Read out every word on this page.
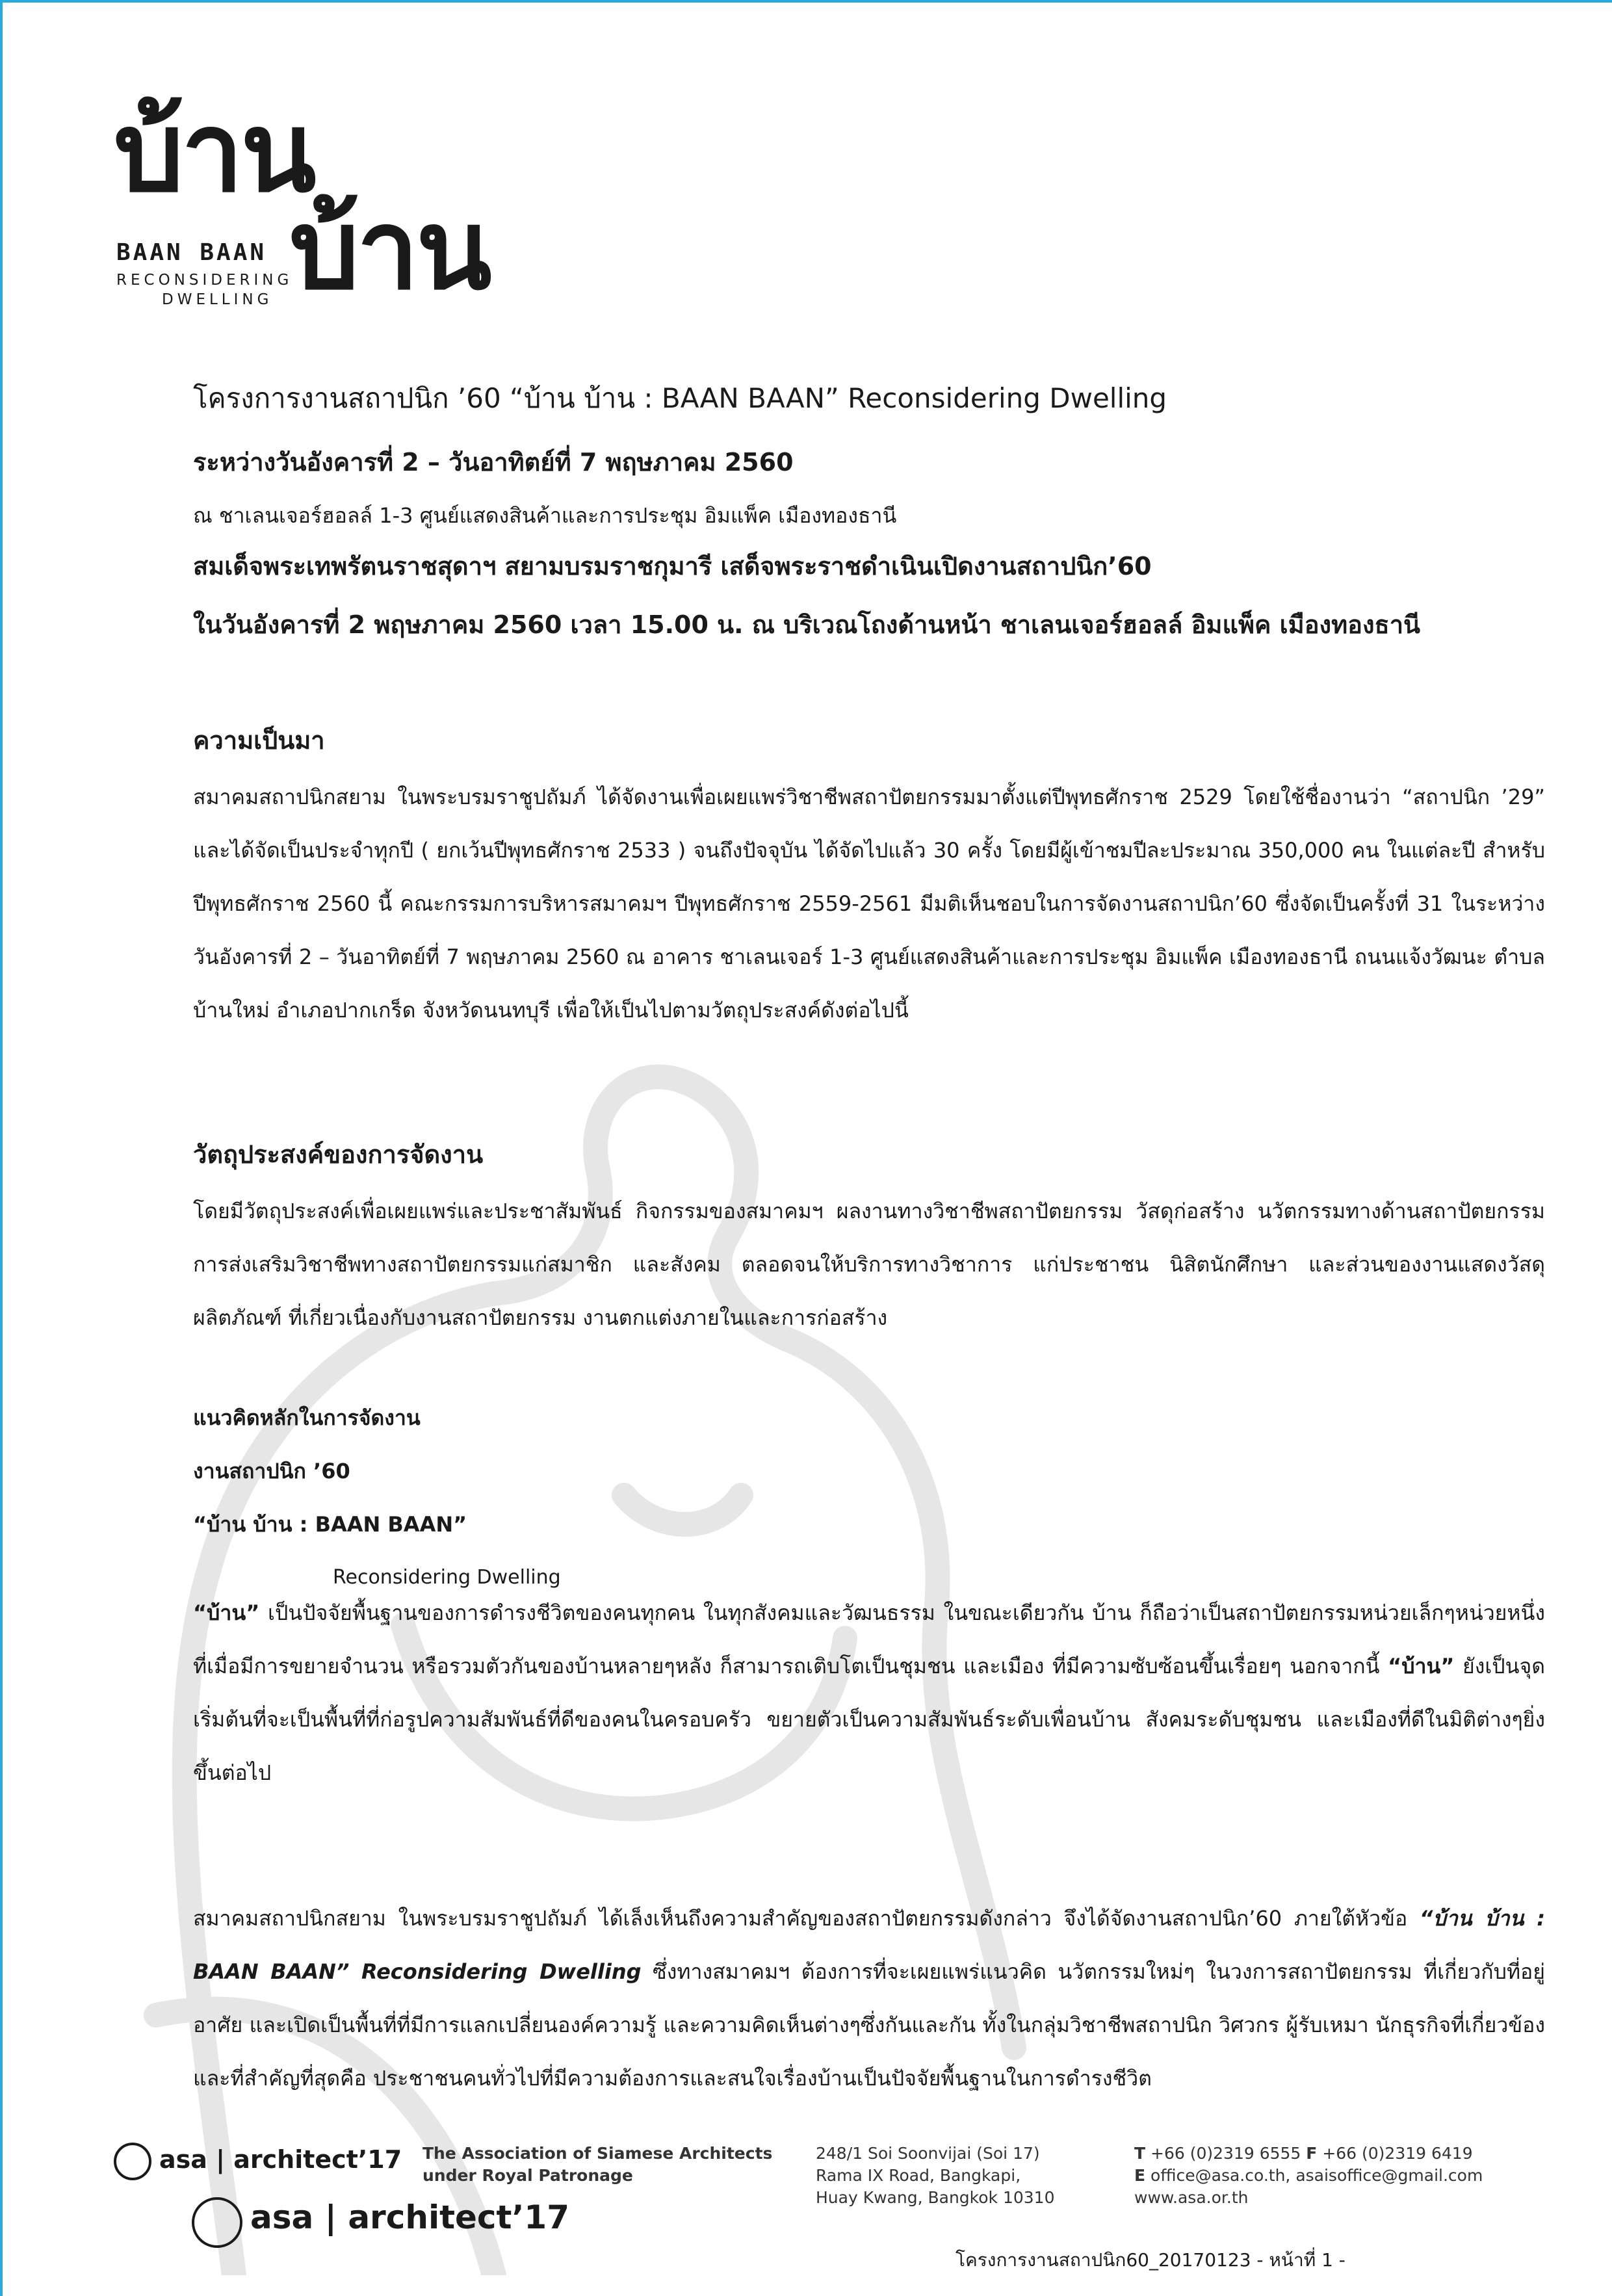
บ้าน
บ้าน
BAAN BAAN
RECONSIDERING
DWELLING
โครงการงานสถาปนิก ’60 “บ้าน บ้าน : BAAN BAAN” Reconsidering Dwelling
ระหว่างวันอังคารที่ 2 – วันอาทิตย์ที่ 7 พฤษภาคม 2560
ณ ชาเลนเจอร์ฮอลล์ 1-3 ศูนย์แสดงสินค้าและการประชุม อิมแพ็ค เมืองทองธานี
สมเด็จพระเทพรัตนราชสุดาฯ สยามบรมราชกุมารี เสด็จพระราชดำเนินเปิดงานสถาปนิก’60
ในวันอังคารที่ 2 พฤษภาคม 2560 เวลา 15.00 น. ณ บริเวณโถงด้านหน้า ชาเลนเจอร์ฮอลล์ อิมแพ็ค เมืองทองธานี
ความเป็นมา
สมาคมสถาปนิกสยาม ในพระบรมราชูปถัมภ์ ได้จัดงานเพื่อเผยแพร่วิชาชีพสถาปัตยกรรมมาตั้งแต่ปีพุทธศักราช 2529 โดยใช้ชื่องานว่า “สถาปนิก ’29” และได้จัดเป็นประจำทุกปี ( ยกเว้นปีพุทธศักราช 2533 ) จนถึงปัจจุบัน ได้จัดไปแล้ว 30 ครั้ง โดยมีผู้เข้าชมปีละประมาณ 350,000 คน ในแต่ละปี สำหรับปีพุทธศักราช 2560 นี้ คณะกรรมการบริหารสมาคมฯ ปีพุทธศักราช 2559-2561 มีมติเห็นชอบในการจัดงานสถาปนิก’60 ซึ่งจัดเป็นครั้งที่ 31 ในระหว่างวันอังคารที่ 2 – วันอาทิตย์ที่ 7 พฤษภาคม 2560 ณ อาคาร ชาเลนเจอร์ 1-3 ศูนย์แสดงสินค้าและการประชุม อิมแพ็ค เมืองทองธานี ถนนแจ้งวัฒนะ ตำบลบ้านใหม่ อำเภอปากเกร็ด จังหวัดนนทบุรี เพื่อให้เป็นไปตามวัตถุประสงค์ดังต่อไปนี้
วัตถุประสงค์ของการจัดงาน
โดยมีวัตถุประสงค์เพื่อเผยแพร่และประชาสัมพันธ์ กิจกรรมของสมาคมฯ ผลงานทางวิชาชีพสถาปัตยกรรม วัสดุก่อสร้าง นวัตกรรมทางด้านสถาปัตยกรรม การส่งเสริมวิชาชีพทางสถาปัตยกรรมแก่สมาชิก และสังคม ตลอดจนให้บริการทางวิชาการ แก่ประชาชน นิสิตนักศึกษา และส่วนของงานแสดงวัสดุผลิตภัณฑ์ ที่เกี่ยวเนื่องกับงานสถาปัตยกรรม งานตกแต่งภายในและการก่อสร้าง
แนวคิดหลักในการจัดงาน
งานสถาปนิก ’60
“บ้าน บ้าน : BAAN BAAN”
Reconsidering Dwelling
“บ้าน” เป็นปัจจัยพื้นฐานของการดำรงชีวิตของคนทุกคน ในทุกสังคมและวัฒนธรรม ในขณะเดียวกัน บ้าน ก็ถือว่าเป็นสถาปัตยกรรมหน่วยเล็กๆหน่วยหนึ่งที่เมื่อมีการขยายจำนวน หรือรวมตัวกันของบ้านหลายๆหลัง ก็สามารถเติบโตเป็นชุมชน และเมือง ที่มีความซับซ้อนขึ้นเรื่อยๆ นอกจากนี้ “บ้าน” ยังเป็นจุดเริ่มต้นที่จะเป็นพื้นที่ที่ก่อรูปความสัมพันธ์ที่ดีของคนในครอบครัว ขยายตัวเป็นความสัมพันธ์ระดับเพื่อนบ้าน สังคมระดับชุมชน และเมืองที่ดีในมิติต่างๆยิ่งขึ้นต่อไป
สมาคมสถาปนิกสยาม ในพระบรมราชูปถัมภ์ ได้เล็งเห็นถึงความสำคัญของสถาปัตยกรรมดังกล่าว จึงได้จัดงานสถาปนิก’60 ภายใต้หัวข้อ “บ้าน บ้าน : BAAN BAAN” Reconsidering Dwelling ซึ่งทางสมาคมฯ ต้องการที่จะเผยแพร่แนวคิด นวัตกรรมใหม่ๆ ในวงการสถาปัตยกรรม ที่เกี่ยวกับที่อยู่อาศัย และเปิดเป็นพื้นที่ที่มีการแลกเปลี่ยนองค์ความรู้ และความคิดเห็นต่างๆซึ่งกันและกัน ทั้งในกลุ่มวิชาชีพสถาปนิก วิศวกร ผู้รับเหมา นักธุรกิจที่เกี่ยวข้อง และที่สำคัญที่สุดคือ ประชาชนคนทั่วไปที่มีความต้องการและสนใจเรื่องบ้านเป็นปัจจัยพื้นฐานในการดำรงชีวิต
asa | architect’17
asa | architect’17
The Association of Siamese Architects
under Royal Patronage
248/1 Soi Soonvijai (Soi 17)
Rama IX Road, Bangkapi,
Huay Kwang, Bangkok 10310
T +66 (0)2319 6555 F +66 (0)2319 6419
E office@asa.co.th, asaisoffice@gmail.com
www.asa.or.th
โครงการงานสถาปนิก60_20170123 - หน้าที่ 1 -
